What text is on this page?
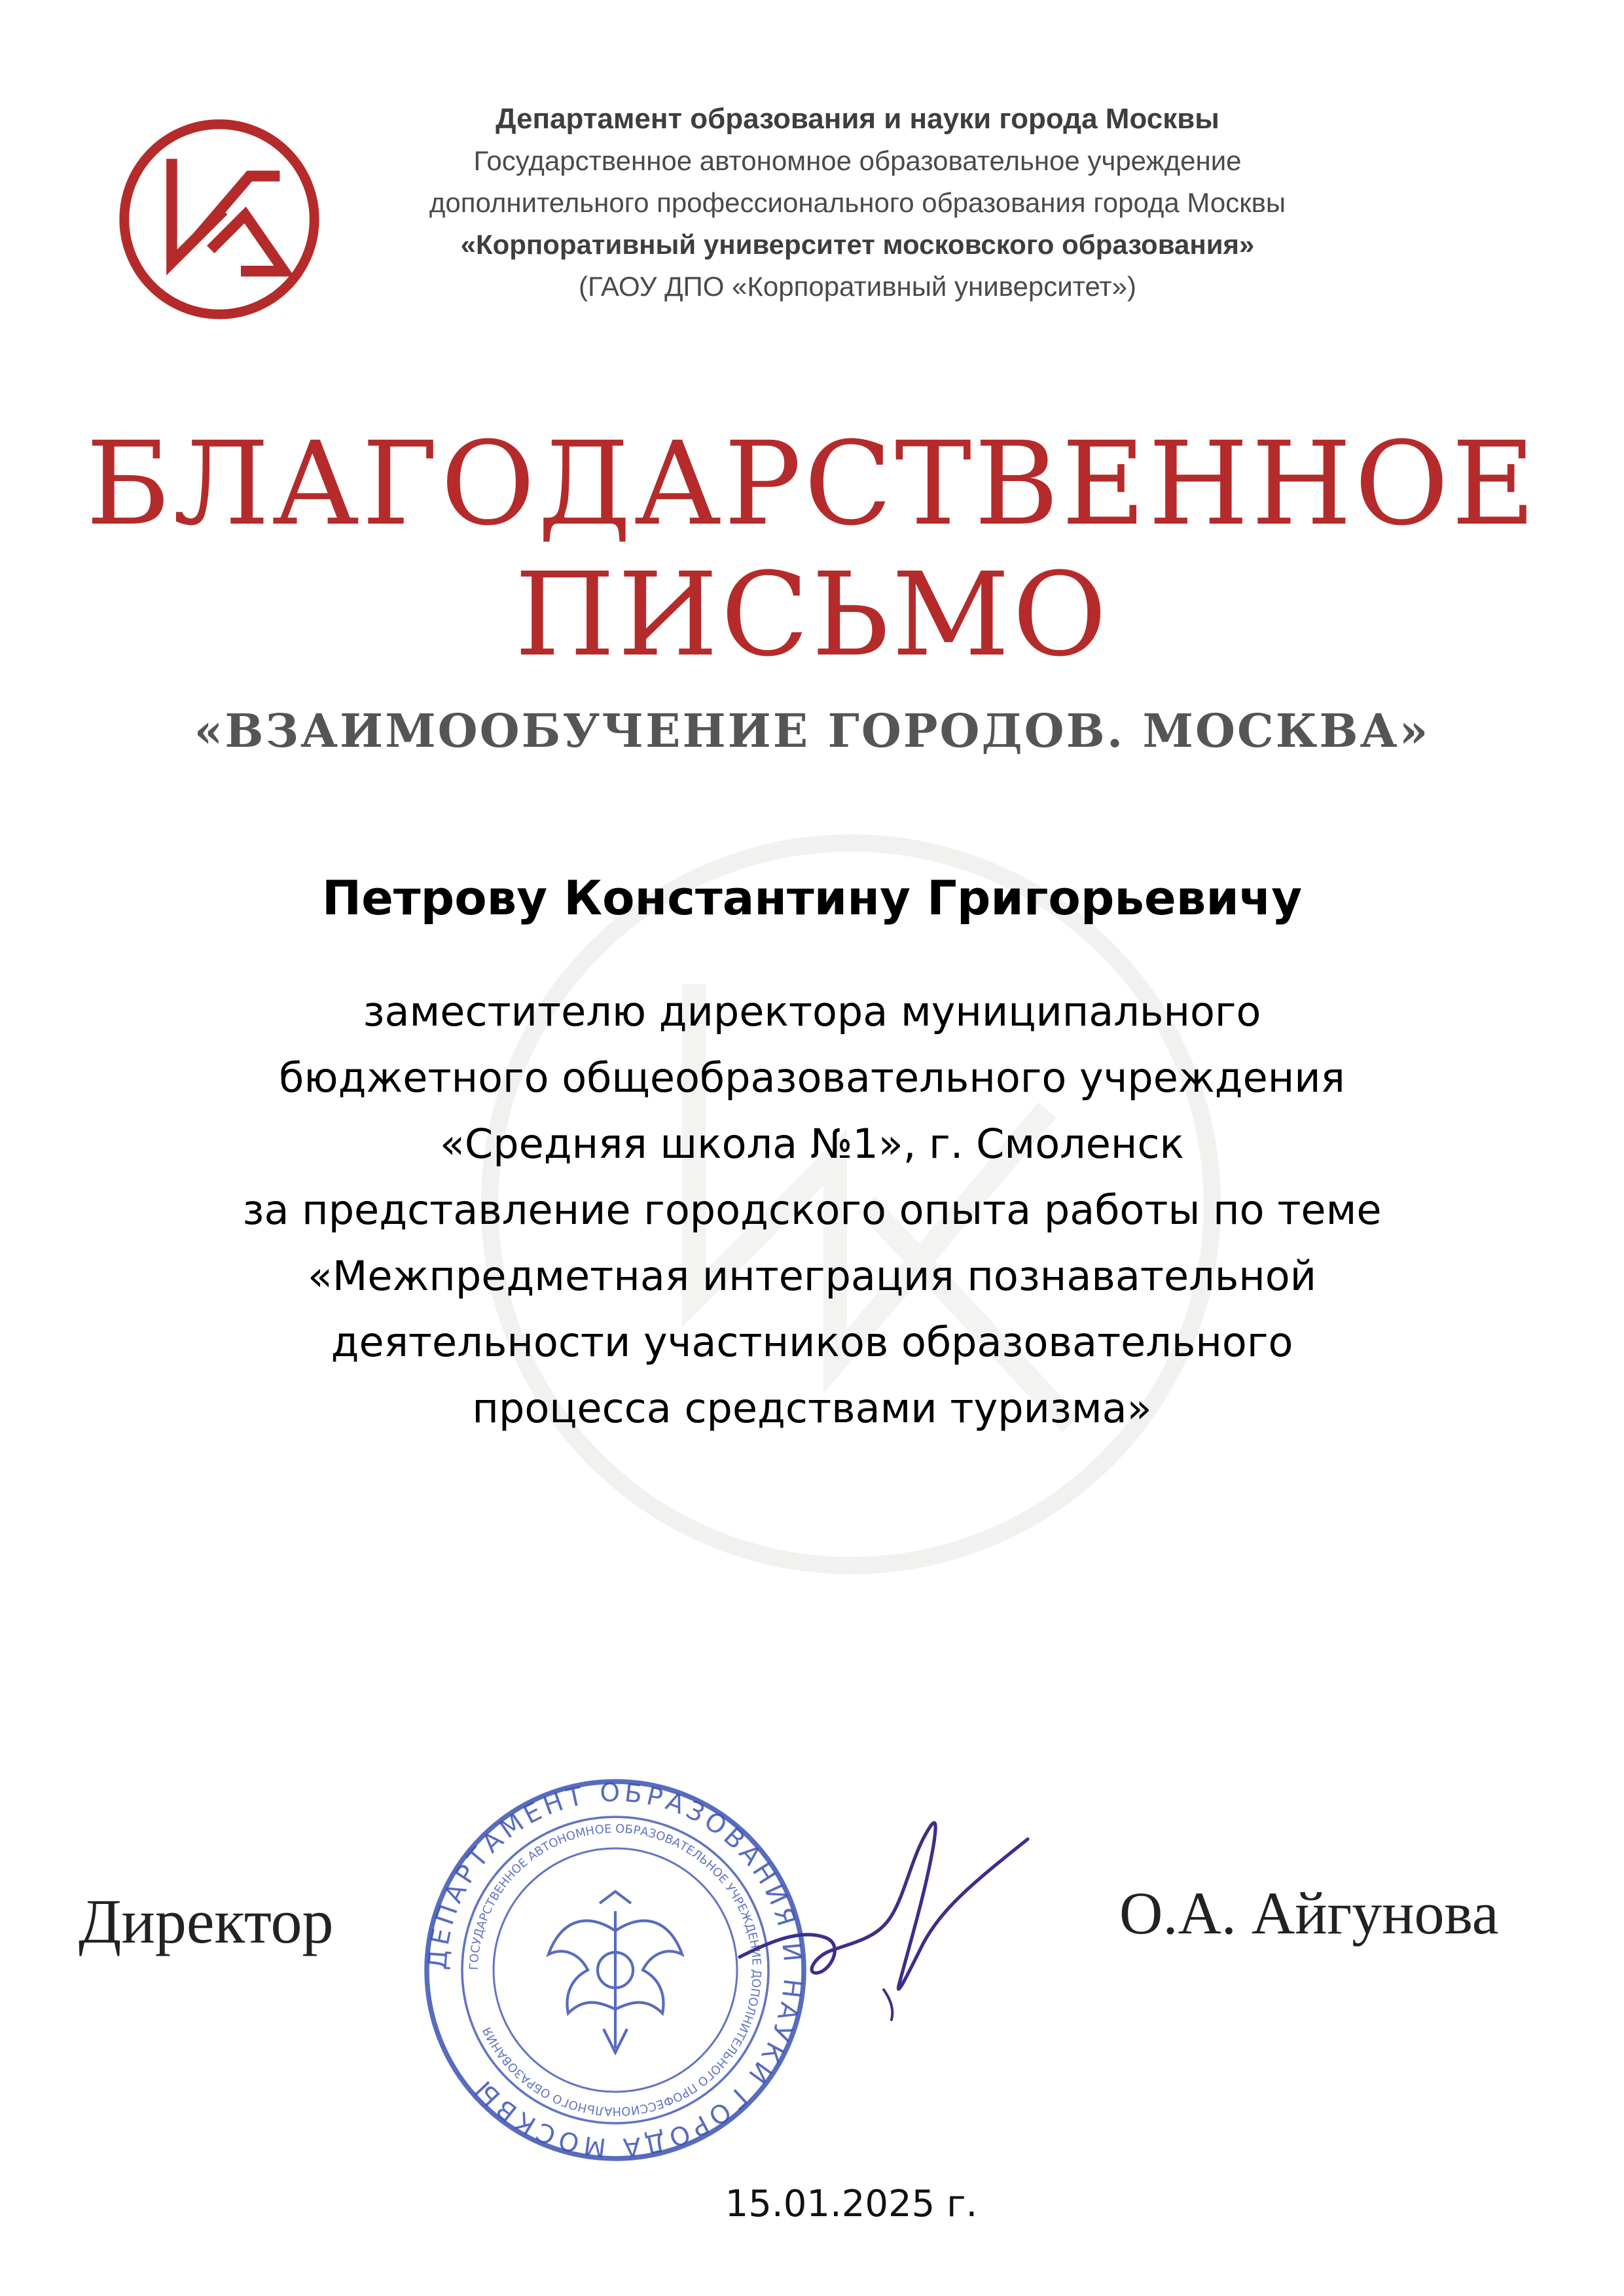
Департамент образования и науки города Москвы
Государственное автономное образовательное учреждение
дополнительного профессионального образования города Москвы
«Корпоративный университет московского образования»
(ГАОУ ДПО «Корпоративный университет»)
БЛАГОДАРСТВЕННОЕ
ПИСЬМО
«ВЗАИМООБУЧЕНИЕ ГОРОДОВ. МОСКВА»
Петрову Константину Григорьевичу
заместителю директора муниципального
бюджетного общеобразовательного учреждения
«Средняя школа №1», г. Смоленск
за представление городского опыта работы по теме
«Межпредметная интеграция познавательной
деятельности участников образовательного
процесса средствами туризма»
ДЕПАРТАМЕНТ ОБРАЗОВАНИЯ И НАУКИ ГОРОДА МОСКВЫ
ГОСУДАРСТВЕННОЕ АВТОНОМНОЕ ОБРАЗОВАТЕЛЬНОЕ УЧРЕЖДЕНИЕ ДОПОЛНИТЕЛЬНОГО ПРОФЕССИОНАЛЬНОГО ОБРАЗОВАНИЯ
Директор	О.А. Айгунова
15.01.2025 г.
